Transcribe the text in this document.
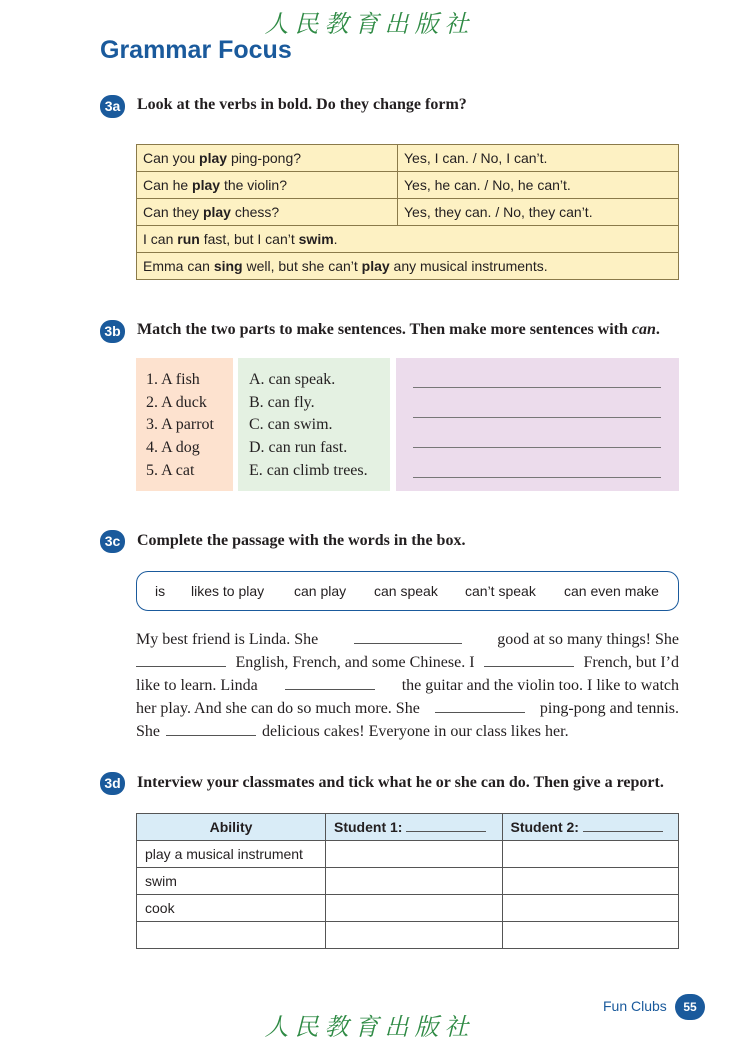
人民教育出版社
Grammar Focus
3a Look at the verbs in bold. Do they change form?
Can you play ping-pong?	Yes, I can. / No, I can’t.
Can he play the violin?	Yes, he can. / No, he can’t.
Can they play chess?	Yes, they can. / No, they can’t.
I can run fast, but I can’t swim.	
Emma can sing well, but she can’t play any musical instruments.	
3b Match the two parts to make sentences. Then make more sentences with can.
1. A fish
2. A duck
3. A parrot
4. A dog
5. A cat
A. can speak.
B. can fly.
C. can swim.
D. can run fast.
E. can climb trees.
3c Complete the passage with the words in the box.
is likes to play can play can speak can’t speak can even make
My best friend is Linda. She	good at so many things! She
English, French, and some Chinese. I	French, but I’d
like to learn. Linda	the guitar and the violin too. I like to watch
her play. And she can do so much more. She	ping-pong and tennis.
She	delicious cakes! Everyone in our class likes her.
3d Interview your classmates and tick what he or she can do. Then give a report.
Ability	Student 1:	Student 2:
play a musical instrument		
swim		
cook		

Fun Clubs	55
人民教育出版社
